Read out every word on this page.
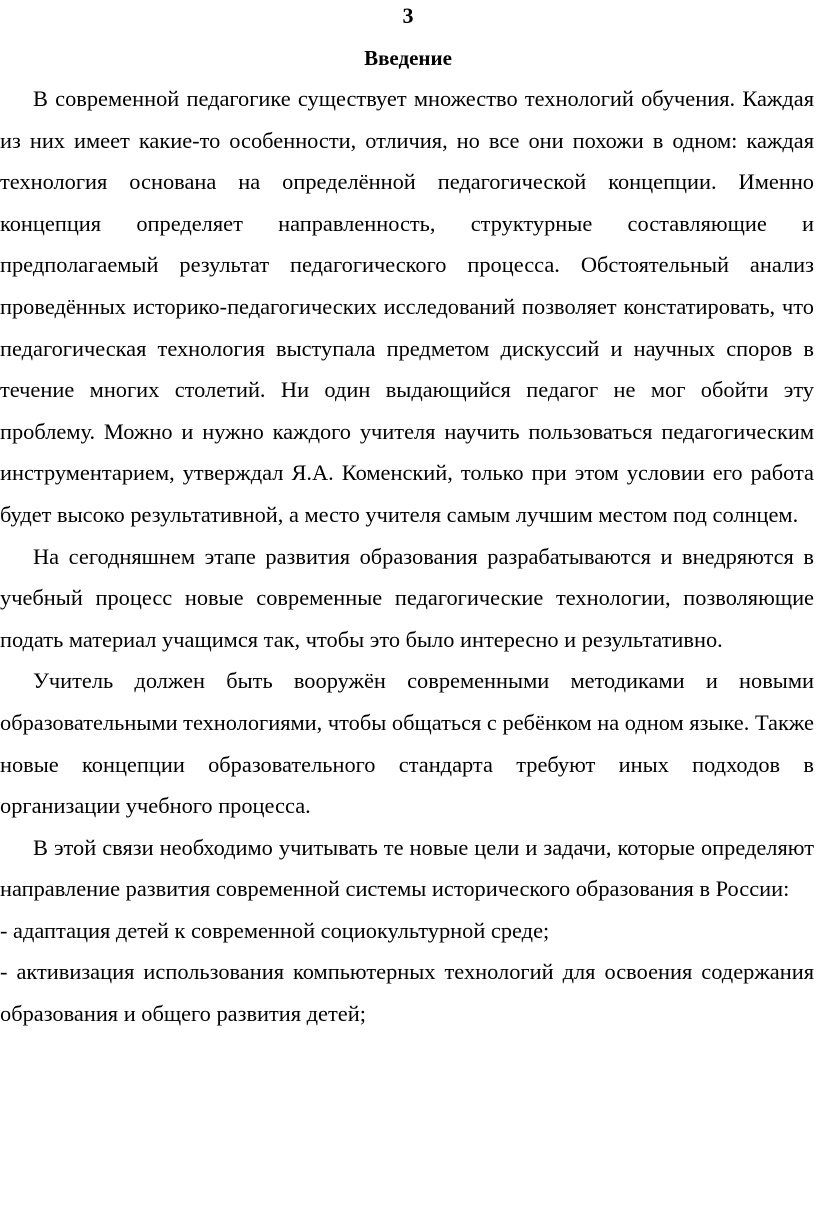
3
Введение

В современной педагогике существует множество технологий обучения. Каждая из них имеет какие-то особенности, отличия, но все они похожи в одном: каждая технология основана на определённой педагогической концепции. Именно концепция определяет направленность, структурные составляющие и предполагаемый результат педагогического процесса. Обстоятельный анализ проведённых историко-педагогических исследований позволяет констатировать, что педагогическая технология выступала предметом дискуссий и научных споров в течение многих столетий. Ни один выдающийся педагог не мог обойти эту проблему. Можно и нужно каждого учителя научить пользоваться педагогическим инструментарием, утверждал Я.А. Коменский, только при этом условии его работа будет высоко результативной, а место учителя самым лучшим местом под солнцем.

На сегодняшнем этапе развития образования разрабатываются и внедряются в учебный процесс новые современные педагогические технологии, позволяющие подать материал учащимся так, чтобы это было интересно и результативно.

Учитель должен быть вооружён современными методиками и новыми образовательными технологиями, чтобы общаться с ребёнком на одном языке. Также новые концепции образовательного стандарта требуют иных подходов в организации учебного процесса.

В этой связи необходимо учитывать те новые цели и задачи, которые определяют направление развития современной системы исторического образования в России:

- адаптация детей к современной социокультурной среде;

- активизация использования компьютерных технологий для освоения содержания образования и общего развития детей;
